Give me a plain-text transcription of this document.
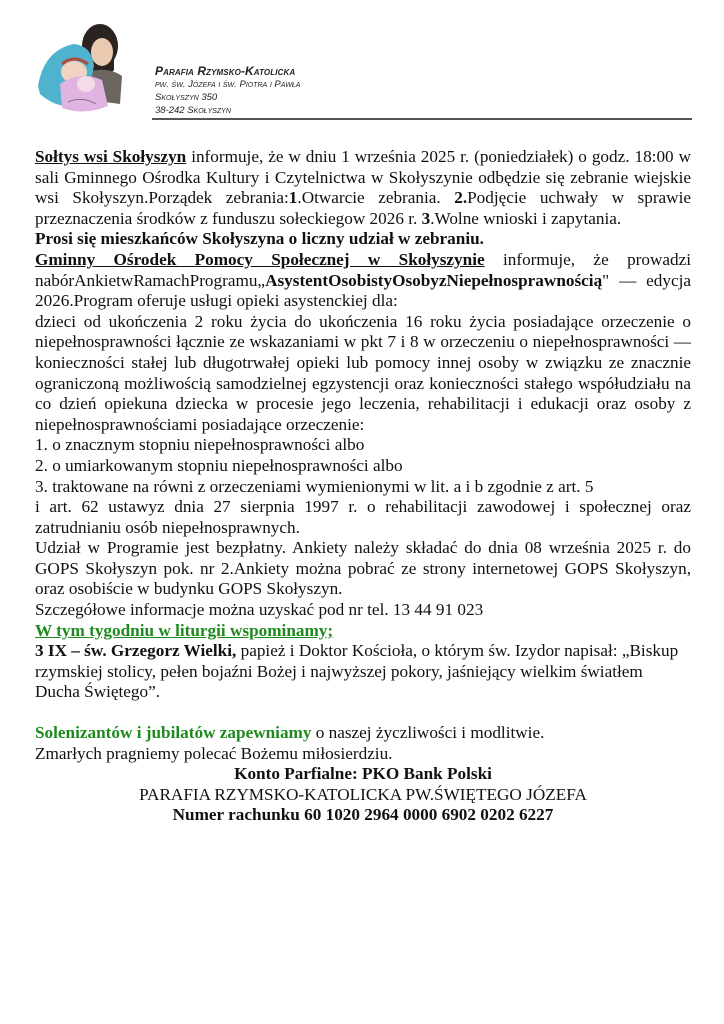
Parafia Rzymsko-Katolicka
pw. św. Józefa i św. Piotra i Pawła
Skołyszyn 350
38-242 Skołyszyn

Sołtys wsi Skołyszyn informuje, że w dniu 1 września 2025 r. (poniedziałek) o godz. 18:00 w sali Gminnego Ośrodka Kultury i Czytelnictwa w Skołyszynie odbędzie się zebranie wiejskie wsi Skołyszyn.Porządek zebrania:1.Otwarcie zebrania. 2.Podjęcie uchwały w sprawie przeznaczenia środków z funduszu sołeckiegow 2026 r. 3.Wolne wnioski i zapytania.

Prosi się mieszkańców Skołyszyna o liczny udział w zebraniu.

Gminny Ośrodek Pomocy Społecznej w Skołyszynie informuje, że prowadzi nabórAnkietwRamachProgramu„AsystentOsobistyOsobyzNiepełnosprawnością" — edycja 2026.Program oferuje usługi opieki asystenckiej dla:

dzieci od ukończenia 2 roku życia do ukończenia 16 roku życia posiadające orzeczenie o niepełnosprawności łącznie ze wskazaniami w pkt 7 i 8 w orzeczeniu o niepełnosprawności — konieczności stałej lub długotrwałej opieki lub pomocy innej osoby w związku ze znacznie ograniczoną możliwością samodzielnej egzystencji oraz konieczności stałego współudziału na co dzień opiekuna dziecka w procesie jego leczenia, rehabilitacji i edukacji oraz osoby z niepełnosprawnościami posiadające orzeczenie:

1. o znacznym stopniu niepełnosprawności albo

2. o umiarkowanym stopniu niepełnosprawności albo

3. traktowane na równi z orzeczeniami wymienionymi w lit. a i b zgodnie z art. 5

i art. 62 ustawyz dnia 27 sierpnia 1997 r. o rehabilitacji zawodowej i społecznej oraz zatrudnianiu osób niepełnosprawnych.

Udział w Programie jest bezpłatny. Ankiety należy składać do dnia 08 września 2025 r. do GOPS Skołyszyn pok. nr 2.Ankiety można pobrać ze strony internetowej GOPS Skołyszyn, oraz osobiście w budynku GOPS Skołyszyn.

Szczegółowe informacje można uzyskać pod nr tel. 13 44 91 023

W tym tygodniu w liturgii wspominamy;

3 IX – św. Grzegorz Wielki, papież i Doktor Kościoła, o którym św. Izydor napisał: „Biskup rzymskiej stolicy, pełen bojaźni Bożej i najwyższej pokory, jaśniejący wielkim światłem Ducha Świętego”.

Solenizantów i jubilatów zapewniamy o naszej życzliwości i modlitwie.

Zmarłych pragniemy polecać Bożemu miłosierdziu.

Konto Parfialne: PKO Bank Polski

PARAFIA RZYMSKO-KATOLICKA PW.ŚWIĘTEGO JÓZEFA

Numer rachunku 60 1020 2964 0000 6902 0202 6227
